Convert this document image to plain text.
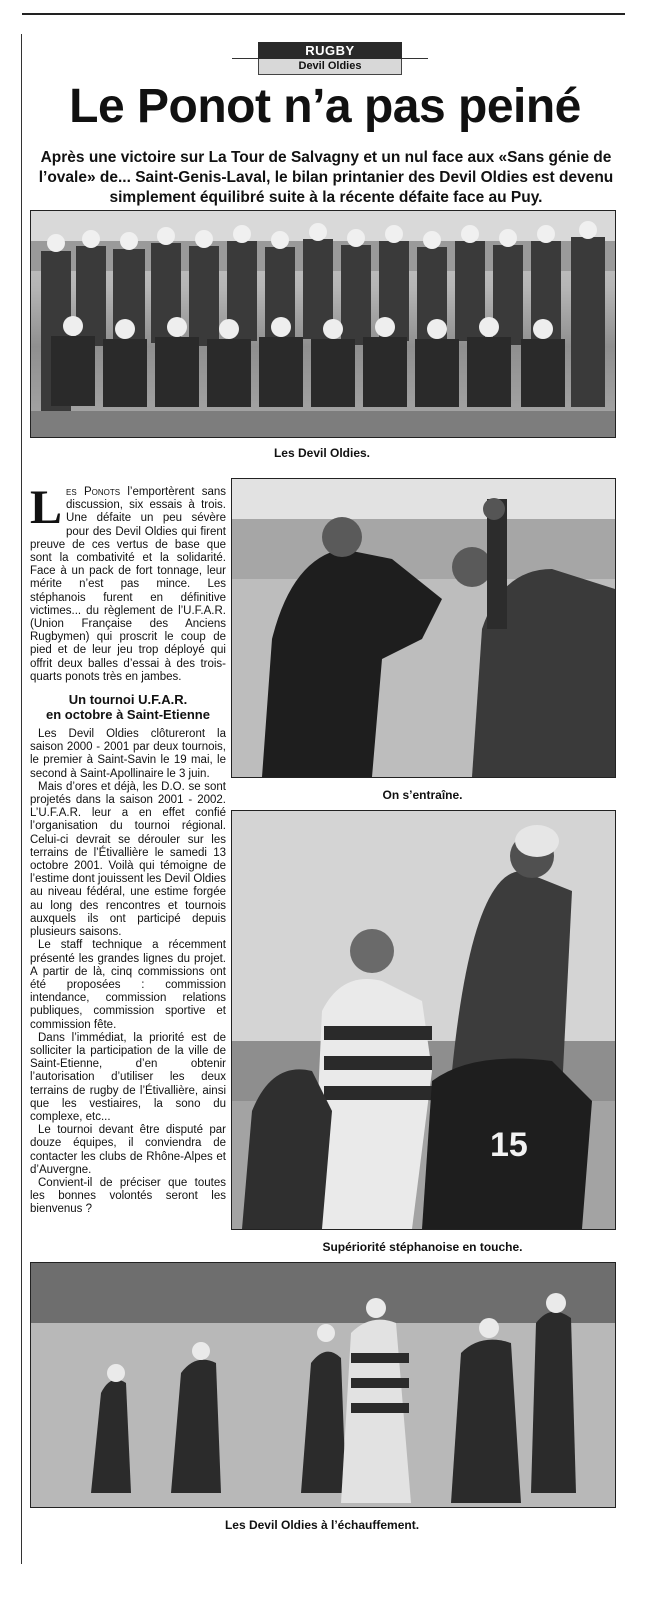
RUGBY
Devil Oldies
Le Ponot n’a pas peiné
Après une victoire sur La Tour de Salvagny et un nul face aux «Sans génie de l’ovale» de... Saint-Genis-Laval, le bilan printanier des Devil Oldies est devenu simplement équilibré suite à la récente défaite face au Puy.
Les Devil Oldies.
On s’entraîne.
15
Supériorité stéphanoise en touche.
Les Devil Oldies à l’échauffement.

Les Ponots l’emportèrent sans discussion, six essais à trois. Une défaite un peu sévère pour des Devil Oldies qui firent preuve de ces vertus de base que sont la combativité et la solidarité. Face à un pack de fort tonnage, leur mérite n’est pas mince. Les stéphanois furent en définitive victimes... du règlement de l’U.F.A.R. (Union Française des Anciens Rugbymen) qui proscrit le coup de pied et de leur jeu trop déployé qui offrit deux balles d’essai à des trois-quarts ponots très en jambes.

Un tournoi U.F.A.R.
en octobre à Saint-Etienne

Les Devil Oldies clôtureront la saison 2000 - 2001 par deux tournois, le premier à Saint-Savin le 19 mai, le second à Saint-Apollinaire le 3 juin.

Mais d’ores et déjà, les D.O. se sont projetés dans la saison 2001 - 2002. L’U.F.A.R. leur a en effet confié l’organisation du tournoi régional. Celui-ci devrait se dérouler sur les terrains de l’Étivallière le samedi 13 octobre 2001. Voilà qui témoigne de l’estime dont jouissent les Devil Oldies au niveau fédéral, une estime forgée au long des rencontres et tournois auxquels ils ont participé depuis plusieurs saisons.

Le staff technique a récemment présenté les grandes lignes du projet. A partir de là, cinq commissions ont été proposées : commission intendance, commission relations publiques, commission sportive et commission fête.

Dans l’immédiat, la priorité est de solliciter la participation de la ville de Saint-Etienne, d’en obtenir l’autorisation d’utiliser les deux terrains de rugby de l’Étivallière, ainsi que les vestiaires, la sono du complexe, etc...

Le tournoi devant être disputé par douze équipes, il conviendra de contacter les clubs de Rhône-Alpes et d’Auvergne.

Convient-il de préciser que toutes les bonnes volontés seront les bienvenus ?
